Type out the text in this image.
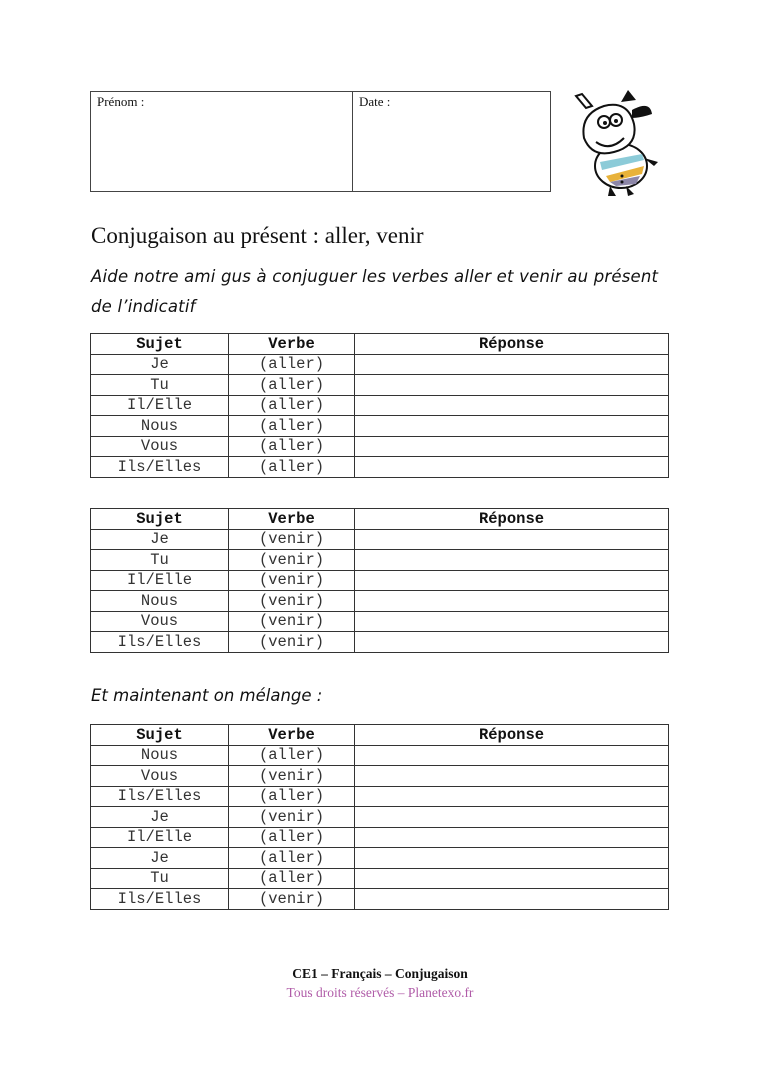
Prénom :	Date :
Conjugaison au présent : aller, venir
Aide notre ami gus à conjuguer les verbes aller et venir au présent de l’indicatif
Sujet	Verbe	Réponse
Je	(aller)	
Tu	(aller)	
Il/Elle	(aller)	
Nous	(aller)	
Vous	(aller)	
Ils/Elles	(aller)	
Sujet	Verbe	Réponse
Je	(venir)	
Tu	(venir)	
Il/Elle	(venir)	
Nous	(venir)	
Vous	(venir)	
Ils/Elles	(venir)	
Et maintenant on mélange :
Sujet	Verbe	Réponse
Nous	(aller)	
Vous	(venir)	
Ils/Elles	(aller)	
Je	(venir)	
Il/Elle	(aller)	
Je	(aller)	
Tu	(aller)	
Ils/Elles	(venir)	
CE1 – Français – Conjugaison
Tous droits réservés – Planetexo.fr
